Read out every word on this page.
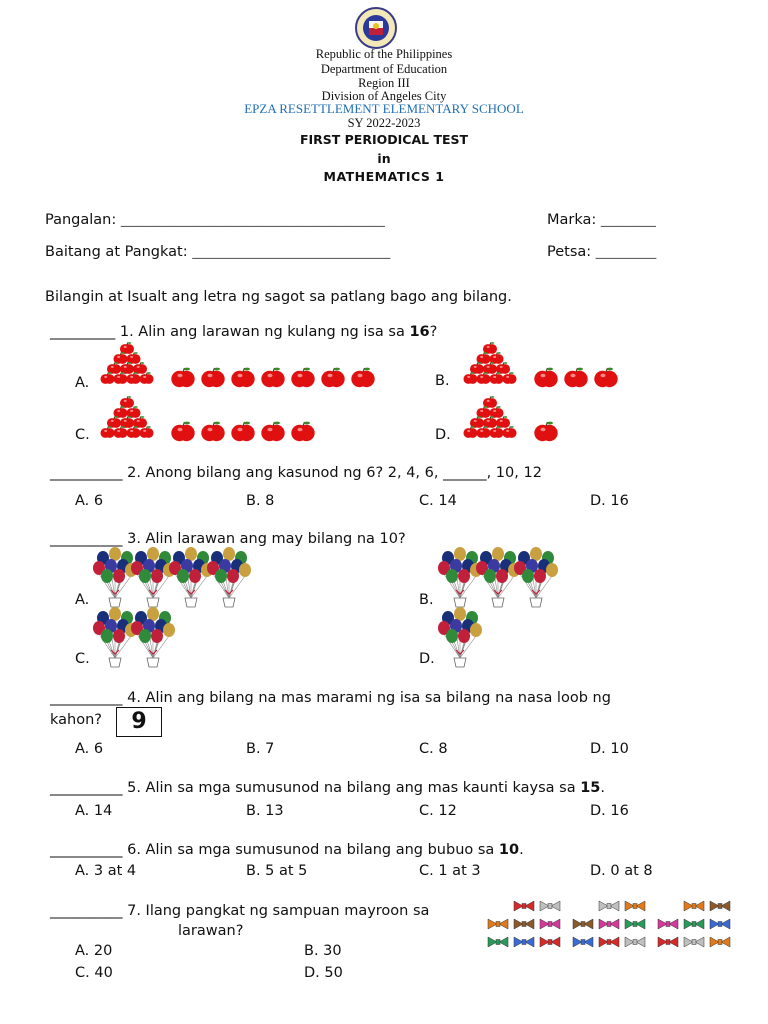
Republic of the Philippines
Department of Education
Region III
Division of Angeles City
EPZA RESETTLEMENT ELEMENTARY SCHOOL
SY 2022-2023
FIRST PERIODICAL TEST
in
MATHEMATICS 1
Pangalan: ________________________________________________	Marka: __________
Baitang at Pangkat: ____________________________________	Petsa: ___________
Bilangin at Isualt ang letra ng sagot sa patlang bago ang bilang.
_________ 1. Alin ang larawan ng kulang ng isa sa 16?
A.	B.
C.	D.
__________ 2. Anong bilang ang kasunod ng 6? 2, 4, 6, ______, 10, 12
A. 6	B. 8	C. 14	D. 16
__________ 3. Alin larawan ang may bilang na 10?
A.	B.
C.	D.
__________ 4. Alin ang bilang na mas marami ng isa sa bilang na nasa loob ng
kahon?	9
A. 6	B. 7	C. 8	D. 10
__________ 5. Alin sa mga sumusunod na bilang ang mas kaunti kaysa sa 15.
A. 14	B. 13	C. 12	D. 16
__________ 6. Alin sa mga sumusunod na bilang ang bubuo sa 10.
A. 3 at 4	B. 5 at 5	C. 1 at 3	D. 0 at 8
__________ 7. Ilang pangkat ng sampuan mayroon sa
larawan?
A. 20	B. 30
C. 40	D. 50
